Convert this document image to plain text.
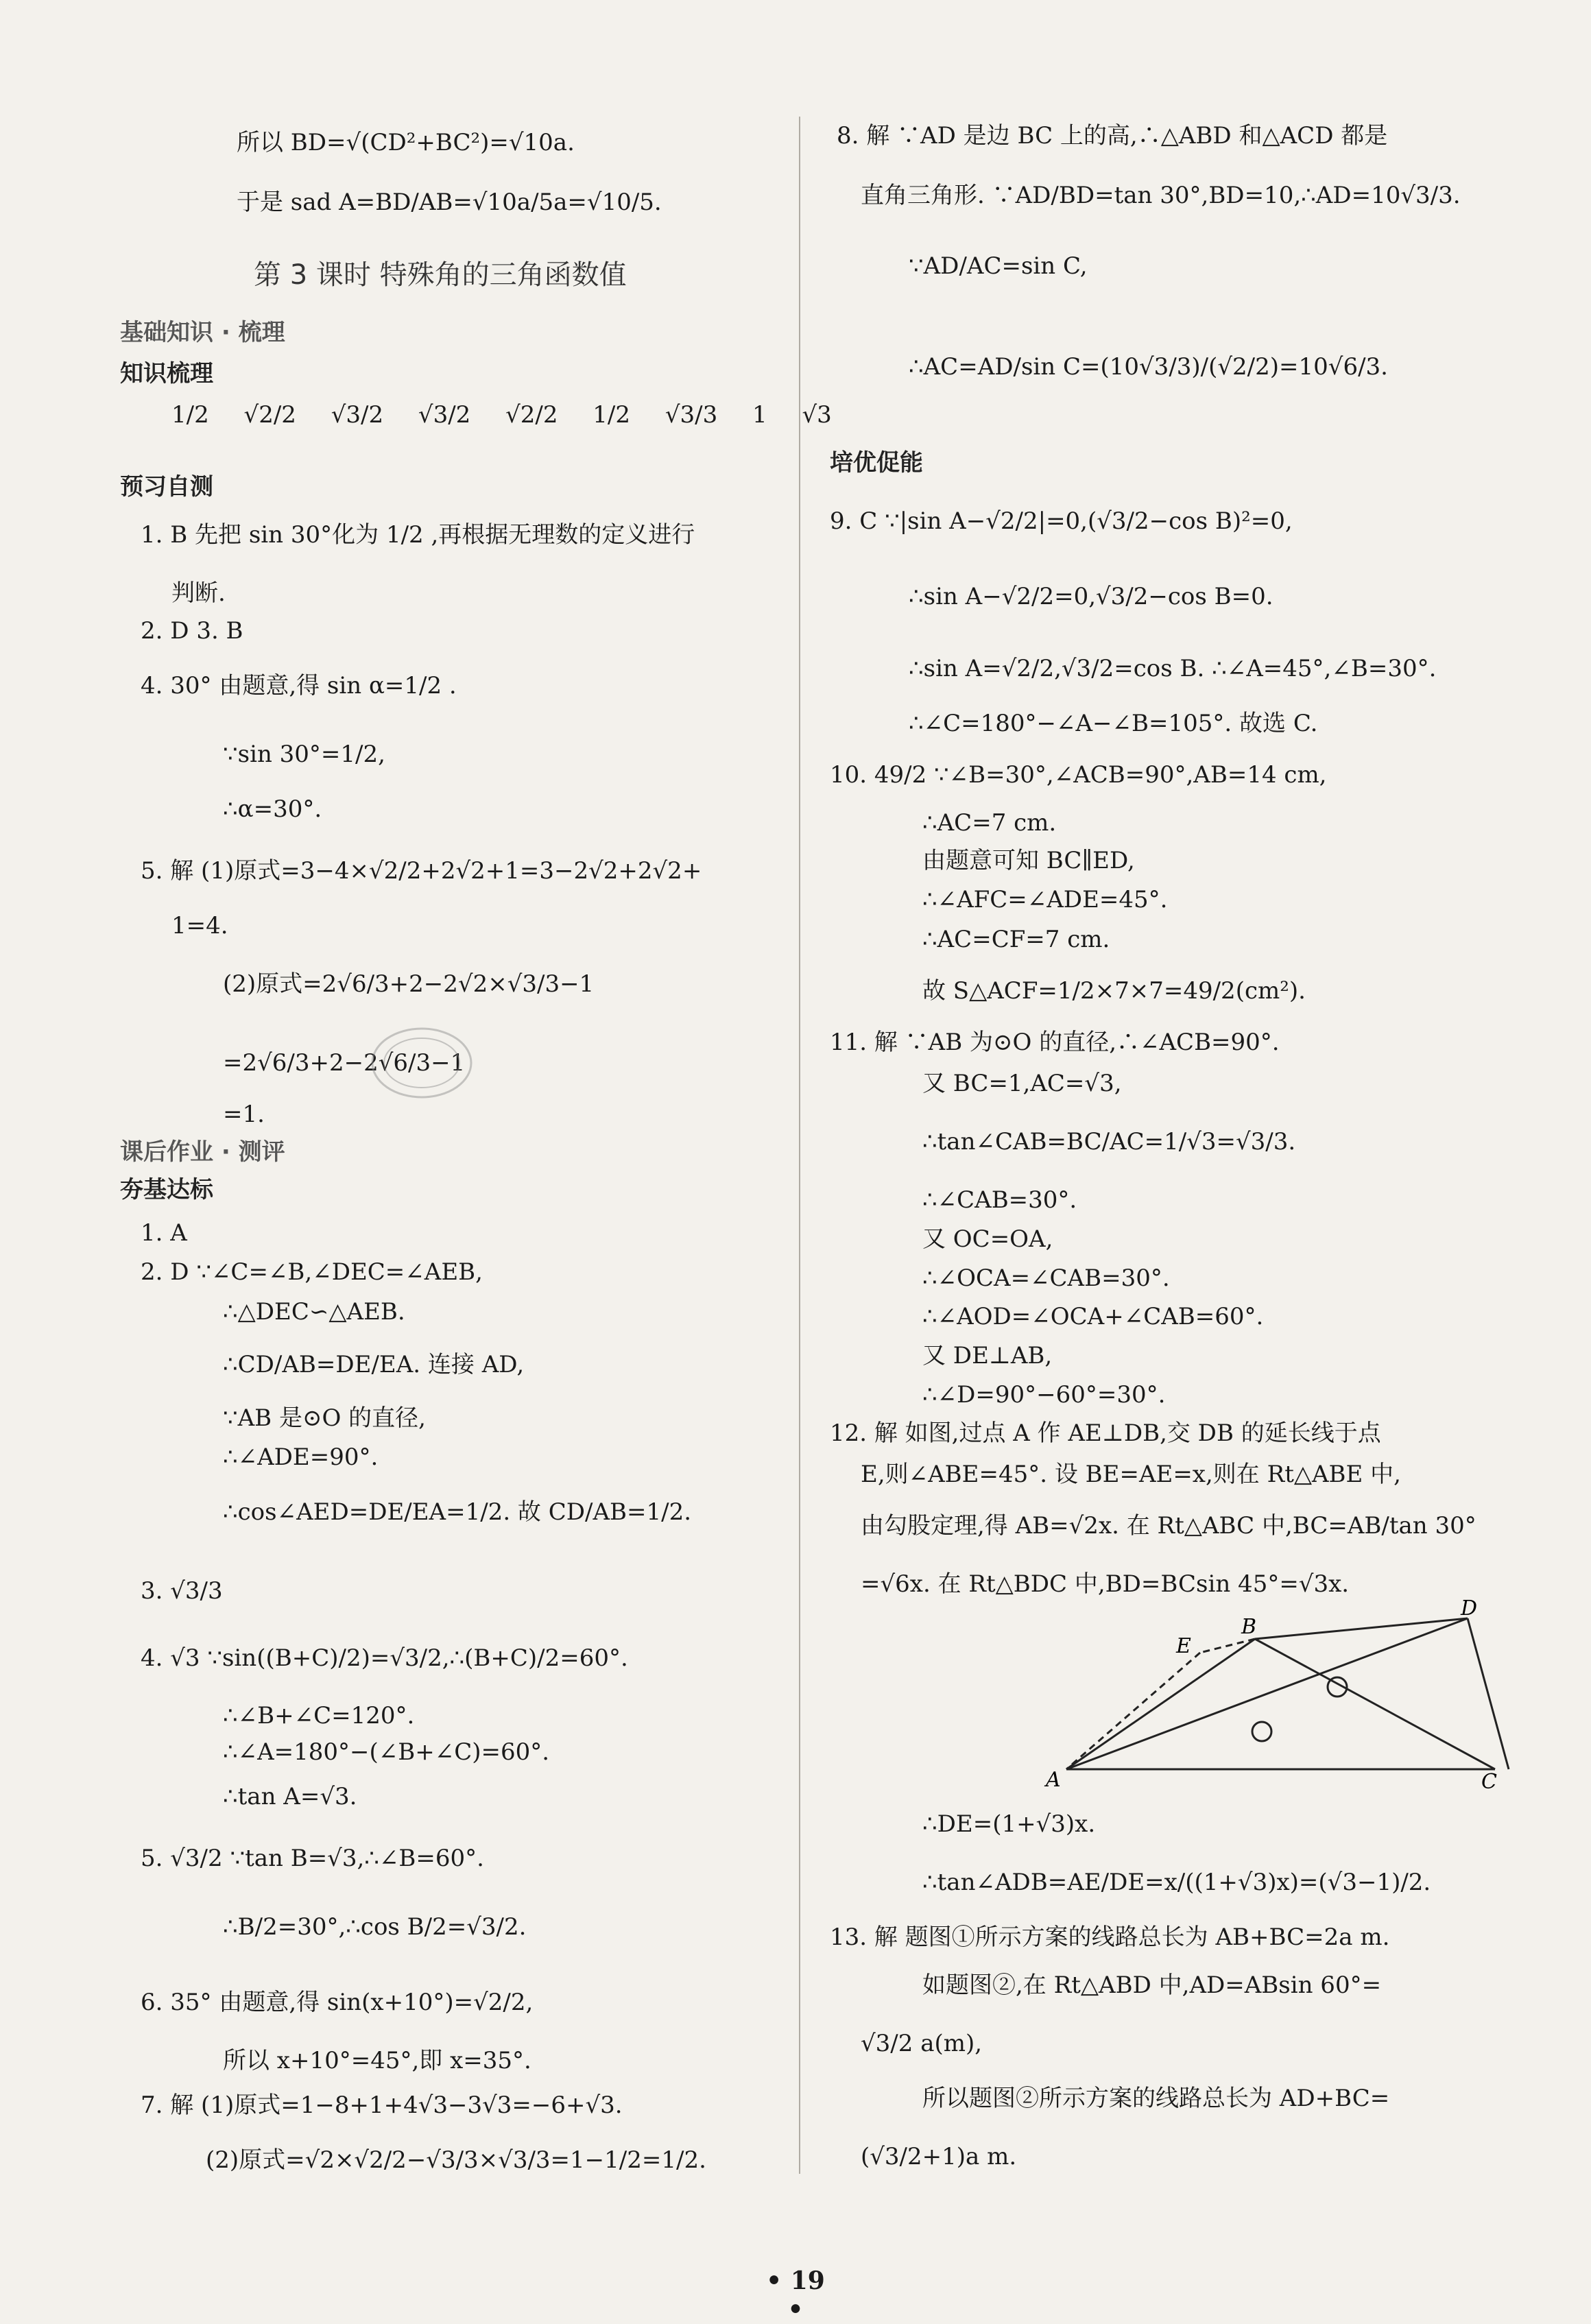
所以 BD=√(CD²+BC²)=√10a.
于是 sad A=BD/AB=√10a/5a=√10/5.
8. 解 ∵AD 是边 BC 上的高,∴△ABD 和△ACD 都是
直角三角形. ∵AD/BD=tan 30°,BD=10,∴AD=10√3/3.
∵AD/AC=sin C,
∴AC=AD/sin C=(10√3/3)/(√2/2)=10√6/3.
1. B 先把 sin 30°化为 1/2 ,再根据无理数的定义进行
判断.
2. D 3. B
4. 30° 由题意,得 sin α=1/2 .
∵sin 30°=1/2,
∴α=30°.
5. 解 (1)原式=3−4×√2/2+2√2+1=3−2√2+2√2+
1=4.
(2)原式=2√6/3+2−2√2×√3/3−1
=2√6/3+2−2√6/3−1
=1.
1. A
2. D ∵∠C=∠B,∠DEC=∠AEB,
∴△DEC∽△AEB.
∴CD/AB=DE/EA. 连接 AD,
∵AB 是⊙O 的直径,
∴∠ADE=90°.
∴cos∠AED=DE/EA=1/2. 故 CD/AB=1/2.
3. √3/3
4. √3 ∵sin((B+C)/2)=√3/2,∴(B+C)/2=60°.
∴∠B+∠C=120°.
∴∠A=180°−(∠B+∠C)=60°.
∴tan A=√3.
5. √3/2 ∵tan B=√3,∴∠B=60°.
∴B/2=30°,∴cos B/2=√3/2.
6. 35° 由题意,得 sin(x+10°)=√2/2,
所以 x+10°=45°,即 x=35°.
7. 解 (1)原式=1−8+1+4√3−3√3=−6+√3.
(2)原式=√2×√2/2−√3/3×√3/3=1−1/2=1/2.
9. C ∵|sin A−√2/2|=0,(√3/2−cos B)²=0,
∴sin A−√2/2=0,√3/2−cos B=0.
∴sin A=√2/2,√3/2=cos B. ∴∠A=45°,∠B=30°.
∴∠C=180°−∠A−∠B=105°. 故选 C.
10. 49/2 ∵∠B=30°,∠ACB=90°,AB=14 cm,
∴AC=7 cm.
由题意可知 BC∥ED,
∴∠AFC=∠ADE=45°.
∴AC=CF=7 cm.
故 S△ACF=1/2×7×7=49/2(cm²).
11. 解 ∵AB 为⊙O 的直径,∴∠ACB=90°.
又 BC=1,AC=√3,
∴tan∠CAB=BC/AC=1/√3=√3/3.
∴∠CAB=30°.
又 OC=OA,
∴∠OCA=∠CAB=30°.
∴∠AOD=∠OCA+∠CAB=60°.
又 DE⊥AB,
∴∠D=90°−60°=30°.
12. 解 如图,过点 A 作 AE⊥DB,交 DB 的延长线于点
E,则∠ABE=45°. 设 BE=AE=x,则在 Rt△ABE 中,
由勾股定理,得 AB=√2x. 在 Rt△ABC 中,BC=AB/tan 30°
=√6x. 在 Rt△BDC 中,BD=BCsin 45°=√3x.
∴DE=(1+√3)x.
∴tan∠ADB=AE/DE=x/((1+√3)x)=(√3−1)/2.
13. 解 题图①所示方案的线路总长为 AB+BC=2a m.
如题图②,在 Rt△ABD 中,AD=ABsin 60°=
√3/2 a(m),
所以题图②所示方案的线路总长为 AD+BC=
(√3/2+1)a m.
第 3 课时 特殊角的三角函数值
基础知识 · 梳理
知识梳理
1/2 √2/2 √3/2 √3/2 √2/2 1/2 √3/3 1 √3
预习自测
课后作业 · 测评
夯基达标
培优促能
A
B
D
E
C
• 19 •
